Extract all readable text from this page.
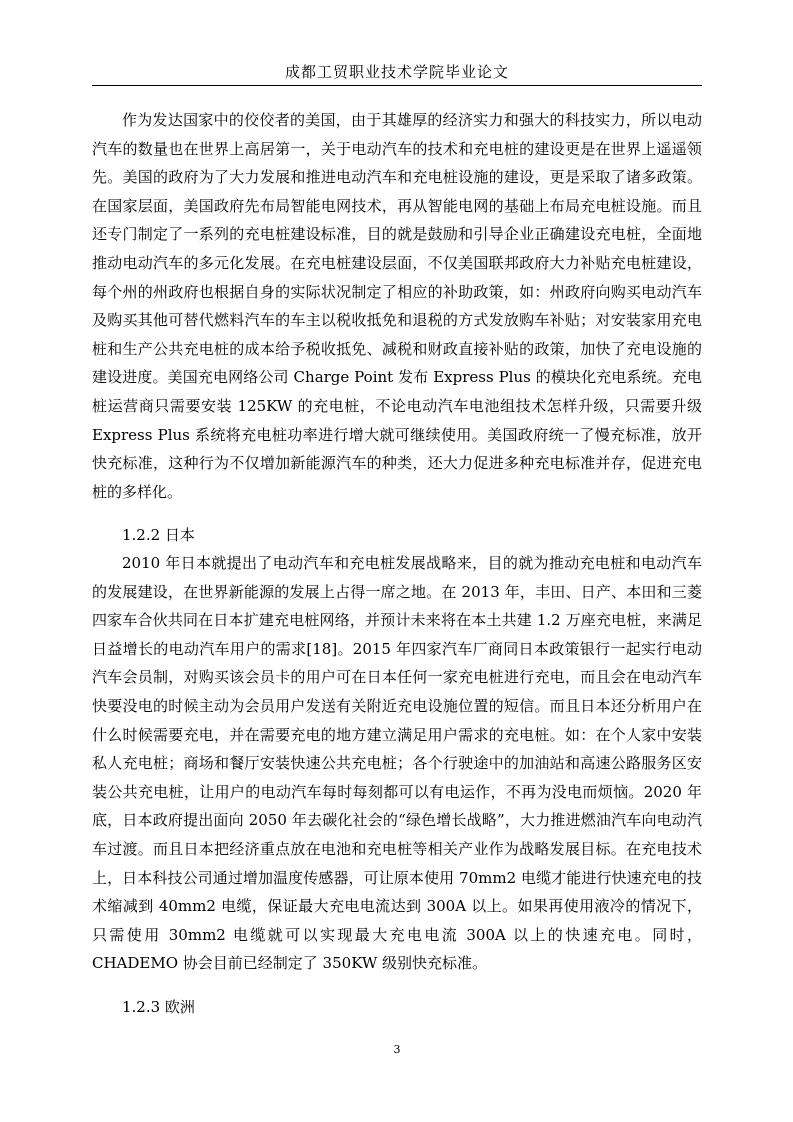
成都工贸职业技术学院毕业论文

作为发达国家中的佼佼者的美国，由于其雄厚的经济实力和强大的科技实力，所以电动汽车的数量也在世界上高居第一，关于电动汽车的技术和充电桩的建设更是在世界上遥遥领先。美国的政府为了大力发展和推进电动汽车和充电桩设施的建设，更是采取了诸多政策。在国家层面，美国政府先布局智能电网技术，再从智能电网的基础上布局充电桩设施。而且还专门制定了一系列的充电桩建设标准，目的就是鼓励和引导企业正确建设充电桩，全面地推动电动汽车的多元化发展。在充电桩建设层面，不仅美国联邦政府大力补贴充电桩建设，每个州的州政府也根据自身的实际状况制定了相应的补助政策，如：州政府向购买电动汽车及购买其他可替代燃料汽车的车主以税收抵免和退税的方式发放购车补贴；对安装家用充电桩和生产公共充电桩的成本给予税收抵免、减税和财政直接补贴的政策，加快了充电设施的建设进度。美国充电网络公司 Charge Point 发布 Express Plus 的模块化充电系统。充电桩运营商只需要安装 125KW 的充电桩，不论电动汽车电池组技术怎样升级，只需要升级 Express Plus 系统将充电桩功率进行增大就可继续使用。美国政府统一了慢充标准，放开快充标准，这种行为不仅增加新能源汽车的种类，还大力促进多种充电标准并存，促进充电桩的多样化。

1.2.2 日本

2010 年日本就提出了电动汽车和充电桩发展战略来，目的就为推动充电桩和电动汽车的发展建设，在世界新能源的发展上占得一席之地。在 2013 年，丰田、日产、本田和三菱四家车合伙共同在日本扩建充电桩网络，并预计未来将在本土共建 1.2 万座充电桩，来满足日益增长的电动汽车用户的需求[18]。2015 年四家汽车厂商同日本政策银行一起实行电动汽车会员制，对购买该会员卡的用户可在日本任何一家充电桩进行充电，而且会在电动汽车快要没电的时候主动为会员用户发送有关附近充电设施位置的短信。而且日本还分析用户在什么时候需要充电，并在需要充电的地方建立满足用户需求的充电桩。如：在个人家中安装私人充电桩；商场和餐厅安装快速公共充电桩；各个行驶途中的加油站和高速公路服务区安装公共充电桩，让用户的电动汽车每时每刻都可以有电运作，不再为没电而烦恼。2020 年底，日本政府提出面向 2050 年去碳化社会的“绿色增长战略”，大力推进燃油汽车向电动汽车过渡。而且日本把经济重点放在电池和充电桩等相关产业作为战略发展目标。在充电技术上，日本科技公司通过增加温度传感器，可让原本使用 70mm2 电缆才能进行快速充电的技术缩减到 40mm2 电缆，保证最大充电电流达到 300A 以上。如果再使用液冷的情况下，只需使用 30mm2 电缆就可以实现最大充电电流 300A 以上的快速充电。同时，CHADEMO 协会目前已经制定了 350KW 级别快充标准。

1.2.3 欧洲

3
